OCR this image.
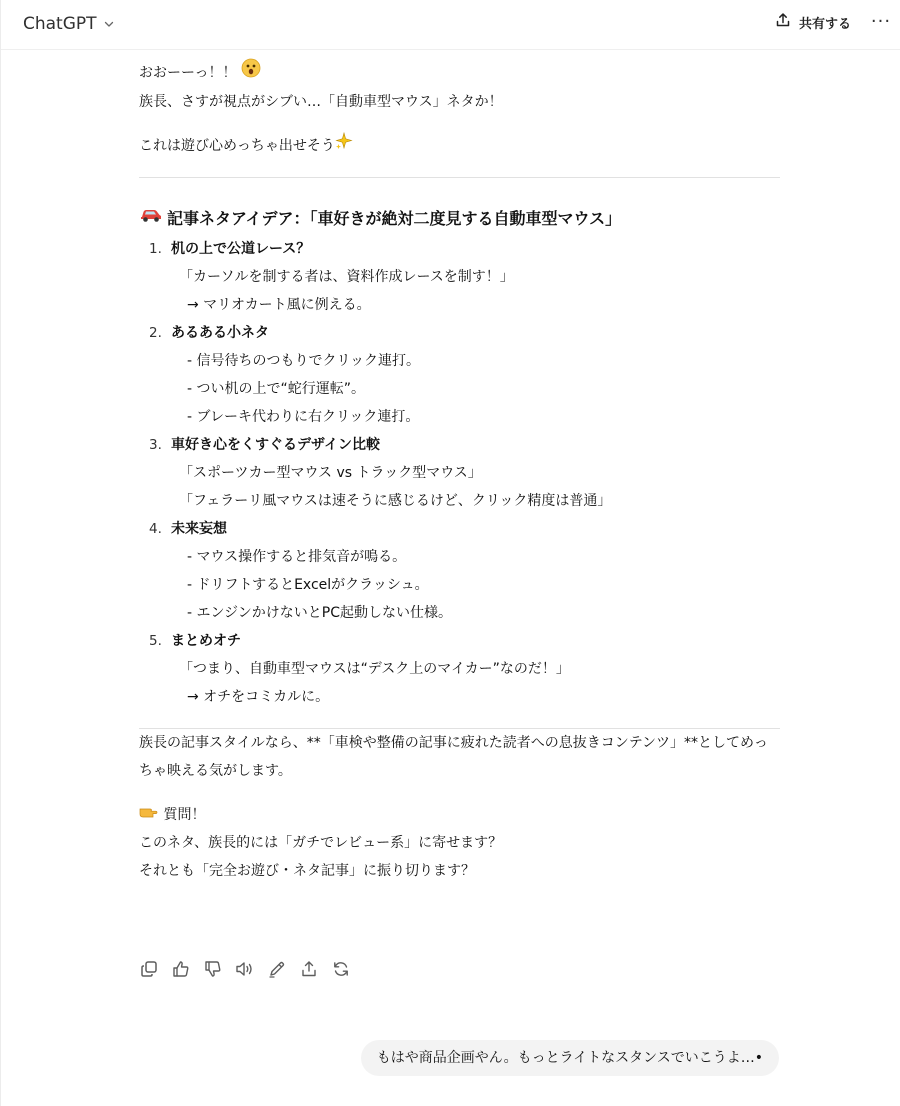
ChatGPT	共有する ···

おおーーっ！！

族長、さすが視点がシブい…「自動車型マウス」ネタか！

これは遊び心めっちゃ出せそう

記事ネタアイデア：「車好きが絶対二度見する自動車型マウス」
1. 机の上で公道レース？
「カーソルを制する者は、資料作成レースを制す！」
→ マリオカート風に例える。
2. あるある小ネタ
- 信号待ちのつもりでクリック連打。
- つい机の上で“蛇行運転”。
- ブレーキ代わりに右クリック連打。
3. 車好き心をくすぐるデザイン比較
「スポーツカー型マウス vs トラック型マウス」
「フェラーリ風マウスは速そうに感じるけど、クリック精度は普通」
4. 未来妄想
- マウス操作すると排気音が鳴る。
- ドリフトするとExcelがクラッシュ。
- エンジンかけないとPC起動しない仕様。
5. まとめオチ
「つまり、自動車型マウスは“デスク上のマイカー”なのだ！」
→ オチをコミカルに。

族長の記事スタイルなら、**「車検や整備の記事に疲れた読者への息抜きコンテンツ」**としてめっちゃ映える気がします。

質問！

このネタ、族長的には「ガチでレビュー系」に寄せます？

それとも「完全お遊び・ネタ記事」に振り切ります？

もはや商品企画やん。もっとライトなスタンスでいこうよ…•
